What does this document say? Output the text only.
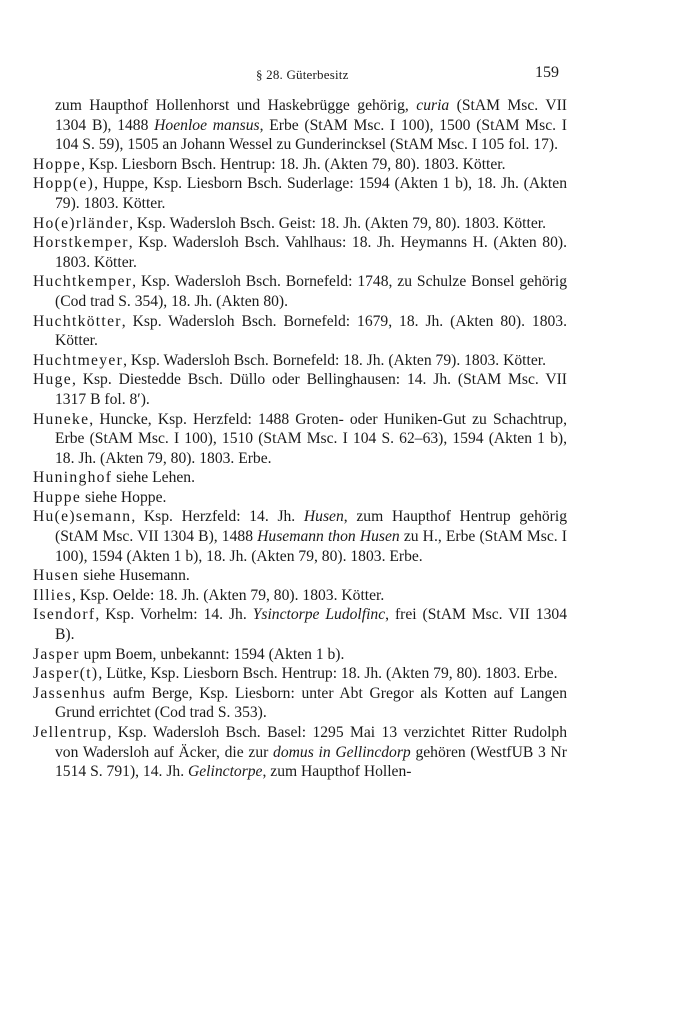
§ 28. Güterbesitz	159

zum Haupthof Hollenhorst und Haskebrügge gehörig, curia (StAM Msc. VII 1304 B), 1488 Hoenloe mansus, Erbe (StAM Msc. I 100), 1500 (StAM Msc. I 104 S. 59), 1505 an Johann Wessel zu Gunderincksel (StAM Msc. I 105 fol. 17).

Hoppe, Ksp. Liesborn Bsch. Hentrup: 18. Jh. (Akten 79, 80). 1803. Kötter.

Hopp(e), Huppe, Ksp. Liesborn Bsch. Suderlage: 1594 (Akten 1 b), 18. Jh. (Akten 79). 1803. Kötter.

Ho(e)rländer, Ksp. Wadersloh Bsch. Geist: 18. Jh. (Akten 79, 80). 1803. Kötter.

Horstkemper, Ksp. Wadersloh Bsch. Vahlhaus: 18. Jh. Heymanns H. (Akten 80). 1803. Kötter.

Huchtkemper, Ksp. Wadersloh Bsch. Bornefeld: 1748, zu Schulze Bonsel gehörig (Cod trad S. 354), 18. Jh. (Akten 80).

Huchtkötter, Ksp. Wadersloh Bsch. Bornefeld: 1679, 18. Jh. (Akten 80). 1803. Kötter.

Huchtmeyer, Ksp. Wadersloh Bsch. Bornefeld: 18. Jh. (Akten 79). 1803. Kötter.

Huge, Ksp. Diestedde Bsch. Düllo oder Bellinghausen: 14. Jh. (StAM Msc. VII 1317 B fol. 8′).

Huneke, Huncke, Ksp. Herzfeld: 1488 Groten- oder Huniken-Gut zu Schachtrup, Erbe (StAM Msc. I 100), 1510 (StAM Msc. I 104 S. 62–63), 1594 (Akten 1 b), 18. Jh. (Akten 79, 80). 1803. Erbe.

Huninghof siehe Lehen.

Huppe siehe Hoppe.

Hu(e)semann, Ksp. Herzfeld: 14. Jh. Husen, zum Haupthof Hentrup gehörig (StAM Msc. VII 1304 B), 1488 Husemann thon Husen zu H., Erbe (StAM Msc. I 100), 1594 (Akten 1 b), 18. Jh. (Akten 79, 80). 1803. Erbe.

Husen siehe Husemann.

Illies, Ksp. Oelde: 18. Jh. (Akten 79, 80). 1803. Kötter.

Isendorf, Ksp. Vorhelm: 14. Jh. Ysinctorpe Ludolfinc, frei (StAM Msc. VII 1304 B).

Jasper upm Boem, unbekannt: 1594 (Akten 1 b).

Jasper(t), Lütke, Ksp. Liesborn Bsch. Hentrup: 18. Jh. (Akten 79, 80). 1803. Erbe.

Jassenhus aufm Berge, Ksp. Liesborn: unter Abt Gregor als Kotten auf Langen Grund errichtet (Cod trad S. 353).

Jellentrup, Ksp. Wadersloh Bsch. Basel: 1295 Mai 13 verzichtet Ritter Rudolph von Wadersloh auf Äcker, die zur domus in Gellincdorp gehören (WestfUB 3 Nr 1514 S. 791), 14. Jh. Gelinctorpe, zum Haupthof Hollen-
